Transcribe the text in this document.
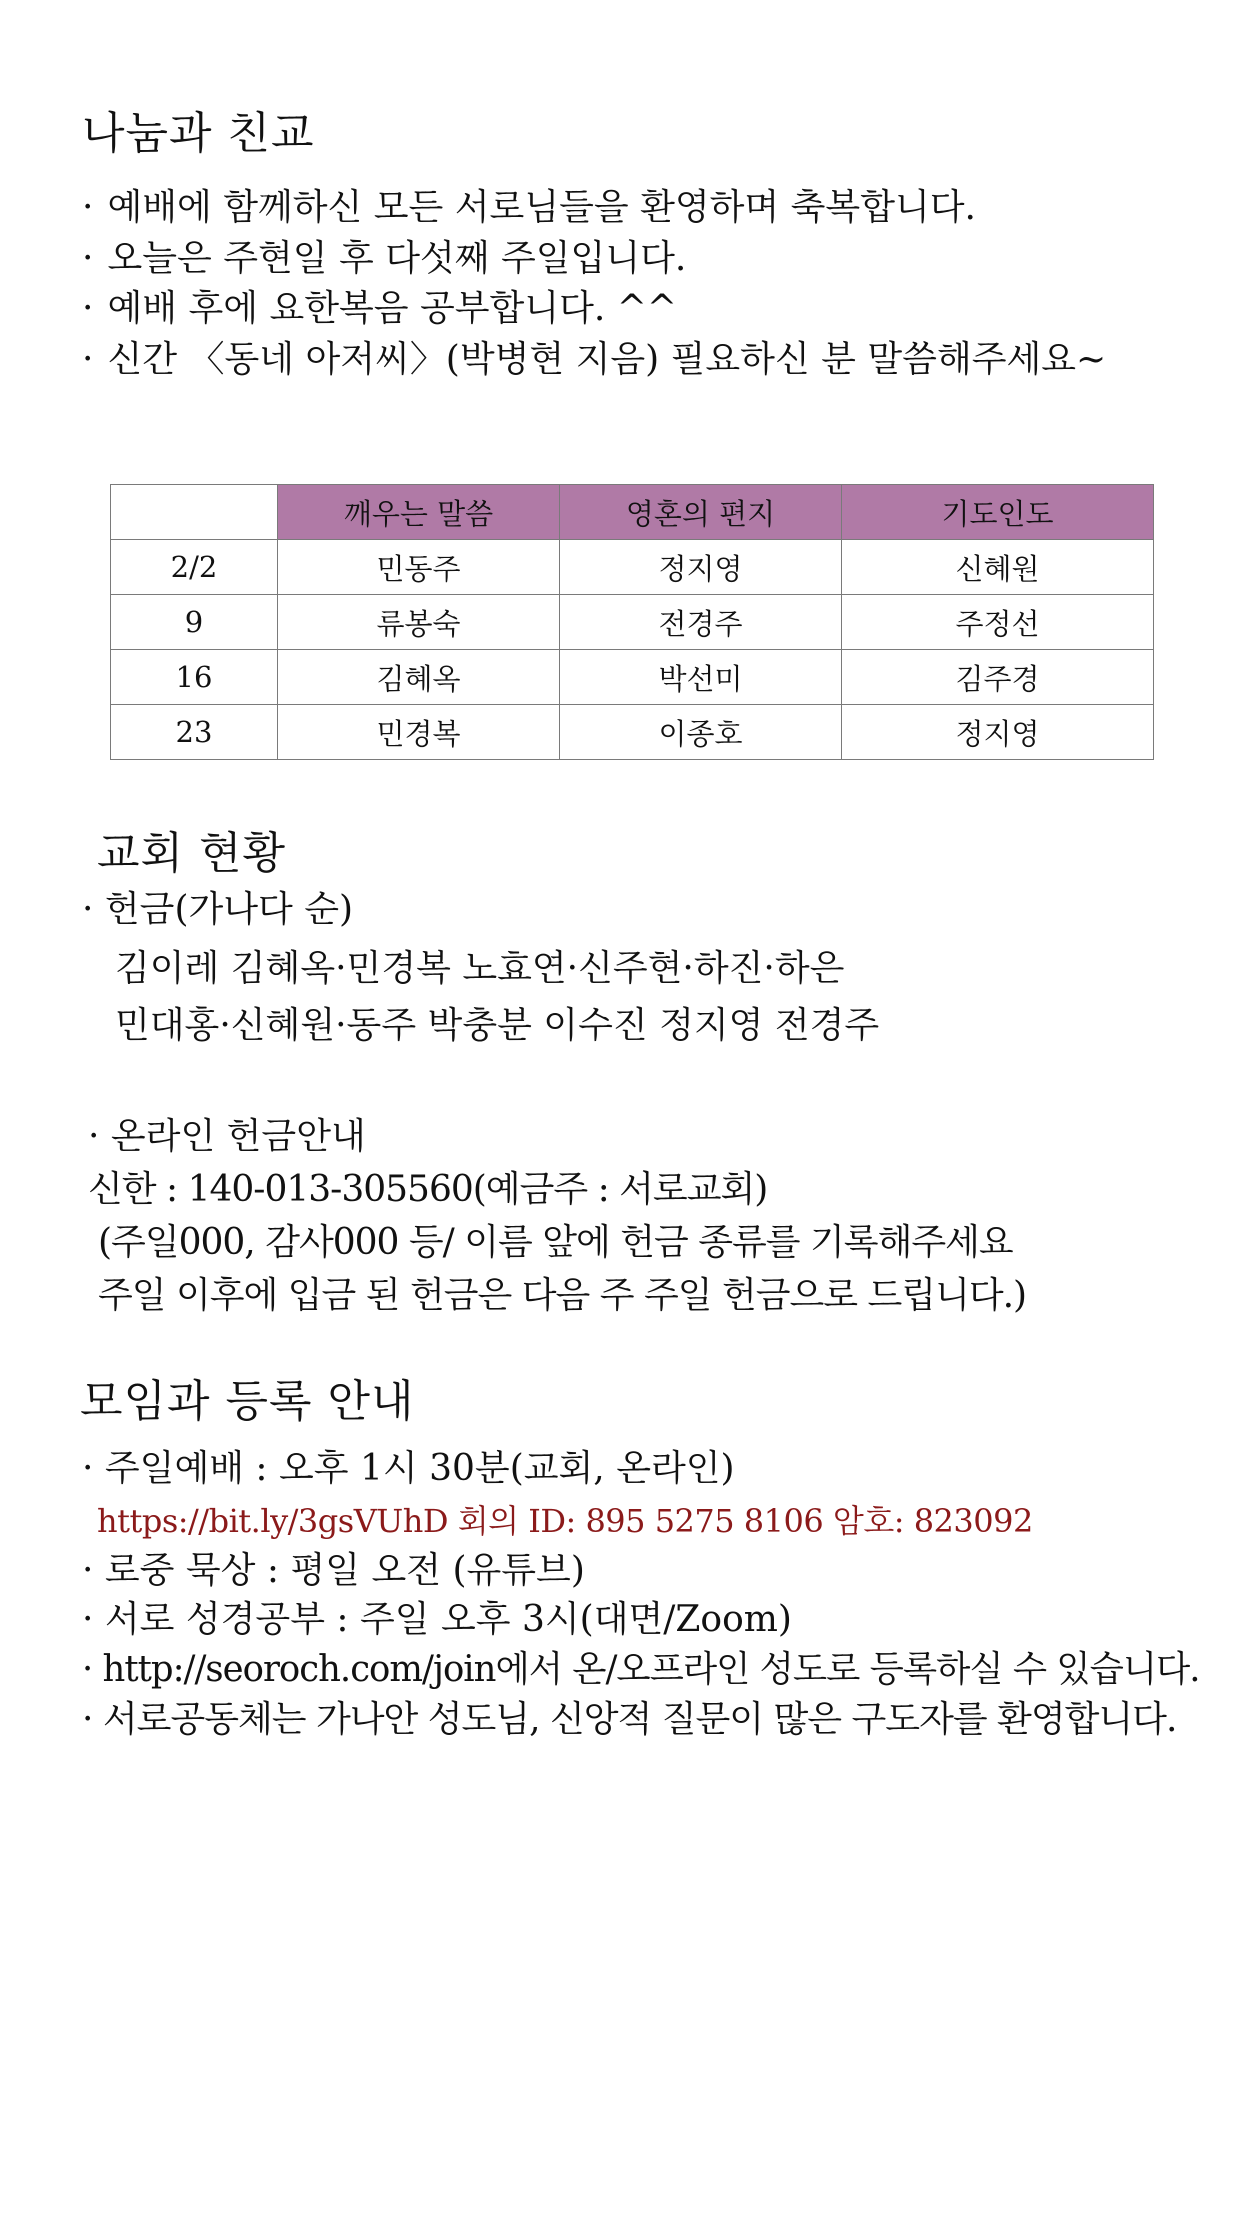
나눔과 친교
· 예배에 함께하신 모든 서로님들을 환영하며 축복합니다.
· 오늘은 주현일 후 다섯째 주일입니다.
· 예배 후에 요한복음 공부합니다. ^^
· 신간 〈동네 아저씨〉(박병현 지음) 필요하신 분 말씀해주세요~
	깨우는 말씀	영혼의 편지	기도인도
2/2	민동주	정지영	신혜원
9	류봉숙	전경주	주정선
16	김혜옥	박선미	김주경
23	민경복	이종호	정지영
교회 현황
· 헌금(가나다 순)
김이레 김혜옥·민경복 노효연·신주현·하진·하은
민대홍·신혜원·동주 박충분 이수진 정지영 전경주
· 온라인 헌금안내
신한 : 140-013-305560(예금주 : 서로교회)
(주일000, 감사000 등/ 이름 앞에 헌금 종류를 기록해주세요
주일 이후에 입금 된 헌금은 다음 주 주일 헌금으로 드립니다.)
모임과 등록 안내
· 주일예배 : 오후 1시 30분(교회, 온라인)
https://bit.ly/3gsVUhD 회의 ID: 895 5275 8106 암호: 823092
· 로중 묵상 : 평일 오전 (유튜브)
· 서로 성경공부 : 주일 오후 3시(대면/Zoom)
· http://seoroch.com/join에서 온/오프라인 성도로 등록하실 수 있습니다.
· 서로공동체는 가나안 성도님, 신앙적 질문이 많은 구도자를 환영합니다.
